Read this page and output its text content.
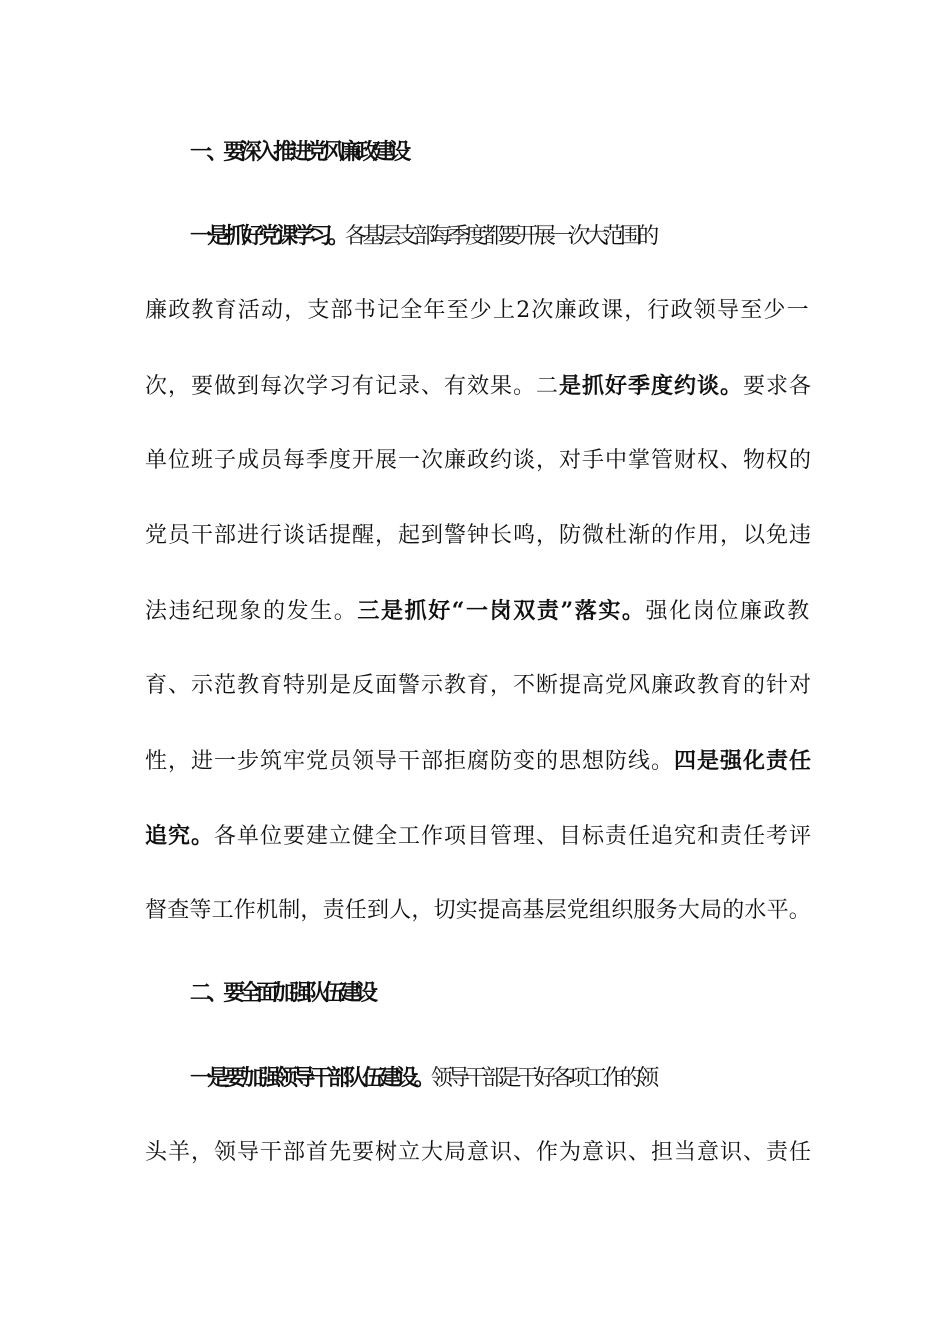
一、要深入推进党风廉政建设

一是抓好党课学习。各基层支部每季度都要开展一次大范围的

廉政教育活动，支部书记全年至少上2次廉政课，行政领导至少一

次，要做到每次学习有记录、有效果。二是抓好季度约谈。要求各

单位班子成员每季度开展一次廉政约谈，对手中掌管财权、物权的

党员干部进行谈话提醒，起到警钟长鸣，防微杜渐的作用，以免违

法违纪现象的发生。三是抓好“一岗双责”落实。强化岗位廉政教

育、示范教育特别是反面警示教育，不断提高党风廉政教育的针对

性，进一步筑牢党员领导干部拒腐防变的思想防线。四是强化责任

追究。各单位要建立健全工作项目管理、目标责任追究和责任考评

督查等工作机制，责任到人，切实提高基层党组织服务大局的水平。

二、要全面加强队伍建设

一是要加强领导干部队伍建设。领导干部是干好各项工作的领

头羊，领导干部首先要树立大局意识、作为意识、担当意识、责任
